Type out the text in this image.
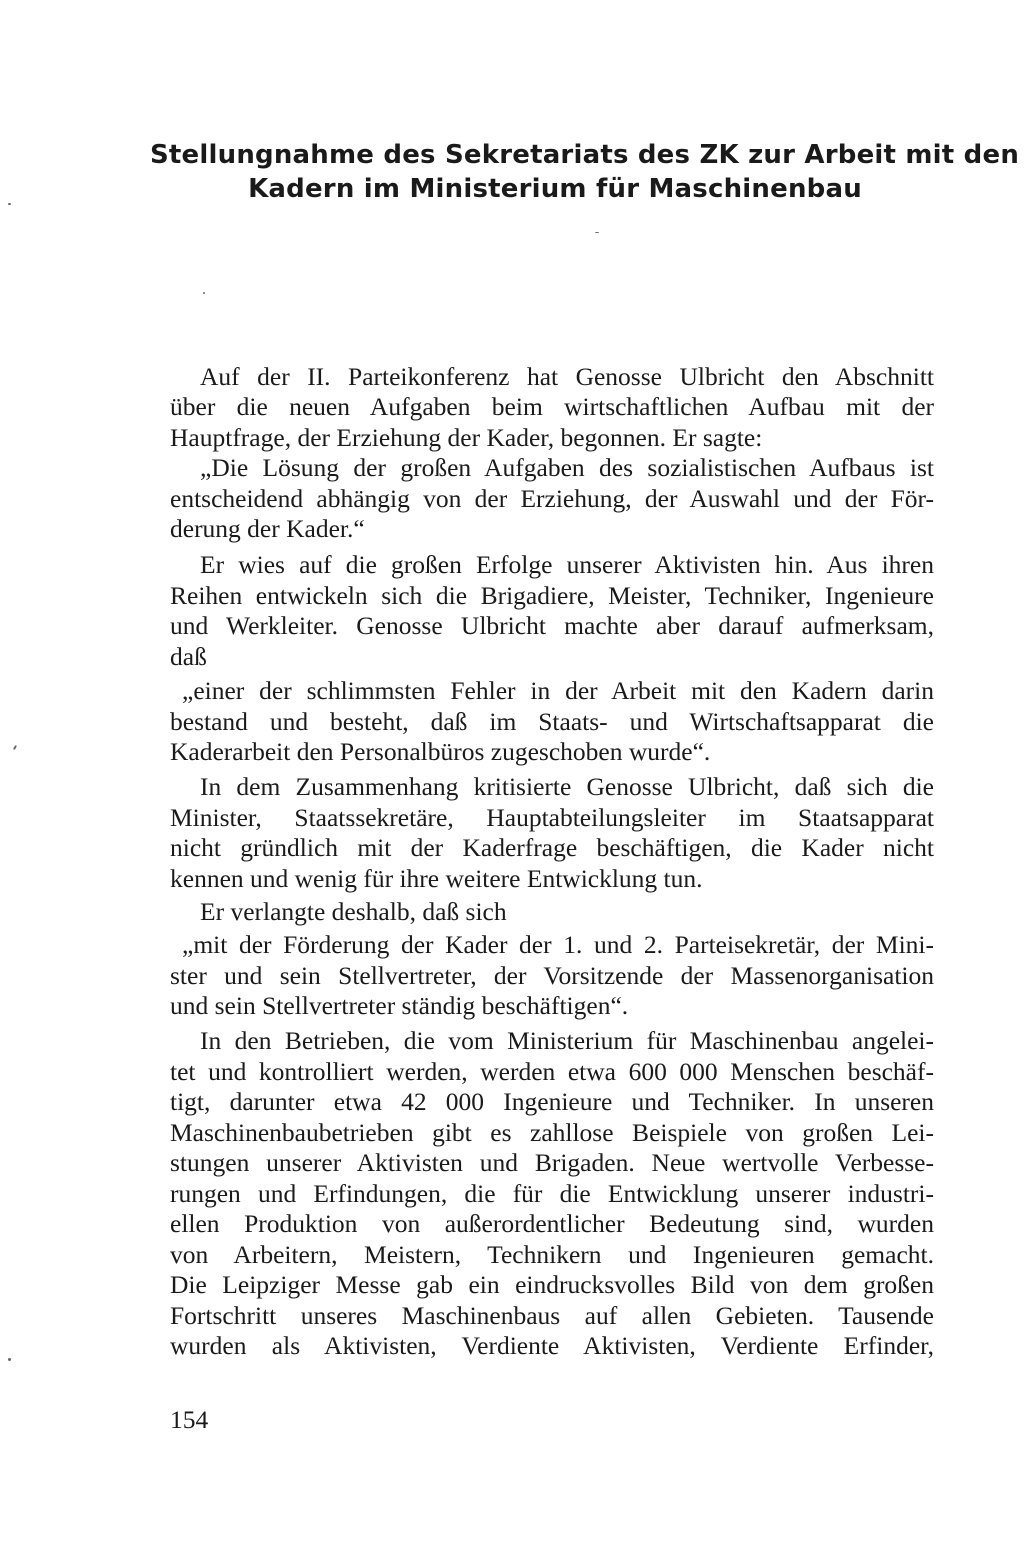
Stellungnahme des Sekretariats des ZK zur Arbeit mit den
Kadern im Ministerium für Maschinenbau
Auf der II. Parteikonferenz hat Genosse Ulbricht den Abschnitt
über die neuen Aufgaben beim wirtschaftlichen Aufbau mit der
Hauptfrage, der Erziehung der Kader, begonnen. Er sagte:
„Die Lösung der großen Aufgaben des sozialistischen Aufbaus ist
entscheidend abhängig von der Erziehung, der Auswahl und der För-
derung der Kader.“
Er wies auf die großen Erfolge unserer Aktivisten hin. Aus ihren
Reihen entwickeln sich die Brigadiere, Meister, Techniker, Ingenieure
und Werkleiter. Genosse Ulbricht machte aber darauf aufmerksam,
daß
„einer der schlimmsten Fehler in der Arbeit mit den Kadern darin
bestand und besteht, daß im Staats- und Wirtschaftsapparat die
Kaderarbeit den Personalbüros zugeschoben wurde“.
In dem Zusammenhang kritisierte Genosse Ulbricht, daß sich die
Minister, Staatssekretäre, Hauptabteilungsleiter im Staatsapparat
nicht gründlich mit der Kaderfrage beschäftigen, die Kader nicht
kennen und wenig für ihre weitere Entwicklung tun.
Er verlangte deshalb, daß sich
„mit der Förderung der Kader der 1. und 2. Parteisekretär, der Mini-
ster und sein Stellvertreter, der Vorsitzende der Massenorganisation
und sein Stellvertreter ständig beschäftigen“.
In den Betrieben, die vom Ministerium für Maschinenbau angelei-
tet und kontrolliert werden, werden etwa 600 000 Menschen beschäf-
tigt, darunter etwa 42 000 Ingenieure und Techniker. In unseren
Maschinenbaubetrieben gibt es zahllose Beispiele von großen Lei-
stungen unserer Aktivisten und Brigaden. Neue wertvolle Verbesse-
rungen und Erfindungen, die für die Entwicklung unserer industri-
ellen Produktion von außerordentlicher Bedeutung sind, wurden
von Arbeitern, Meistern, Technikern und Ingenieuren gemacht.
Die Leipziger Messe gab ein eindrucksvolles Bild von dem großen
Fortschritt unseres Maschinenbaus auf allen Gebieten. Tausende
wurden als Aktivisten, Verdiente Aktivisten, Verdiente Erfinder,
154
